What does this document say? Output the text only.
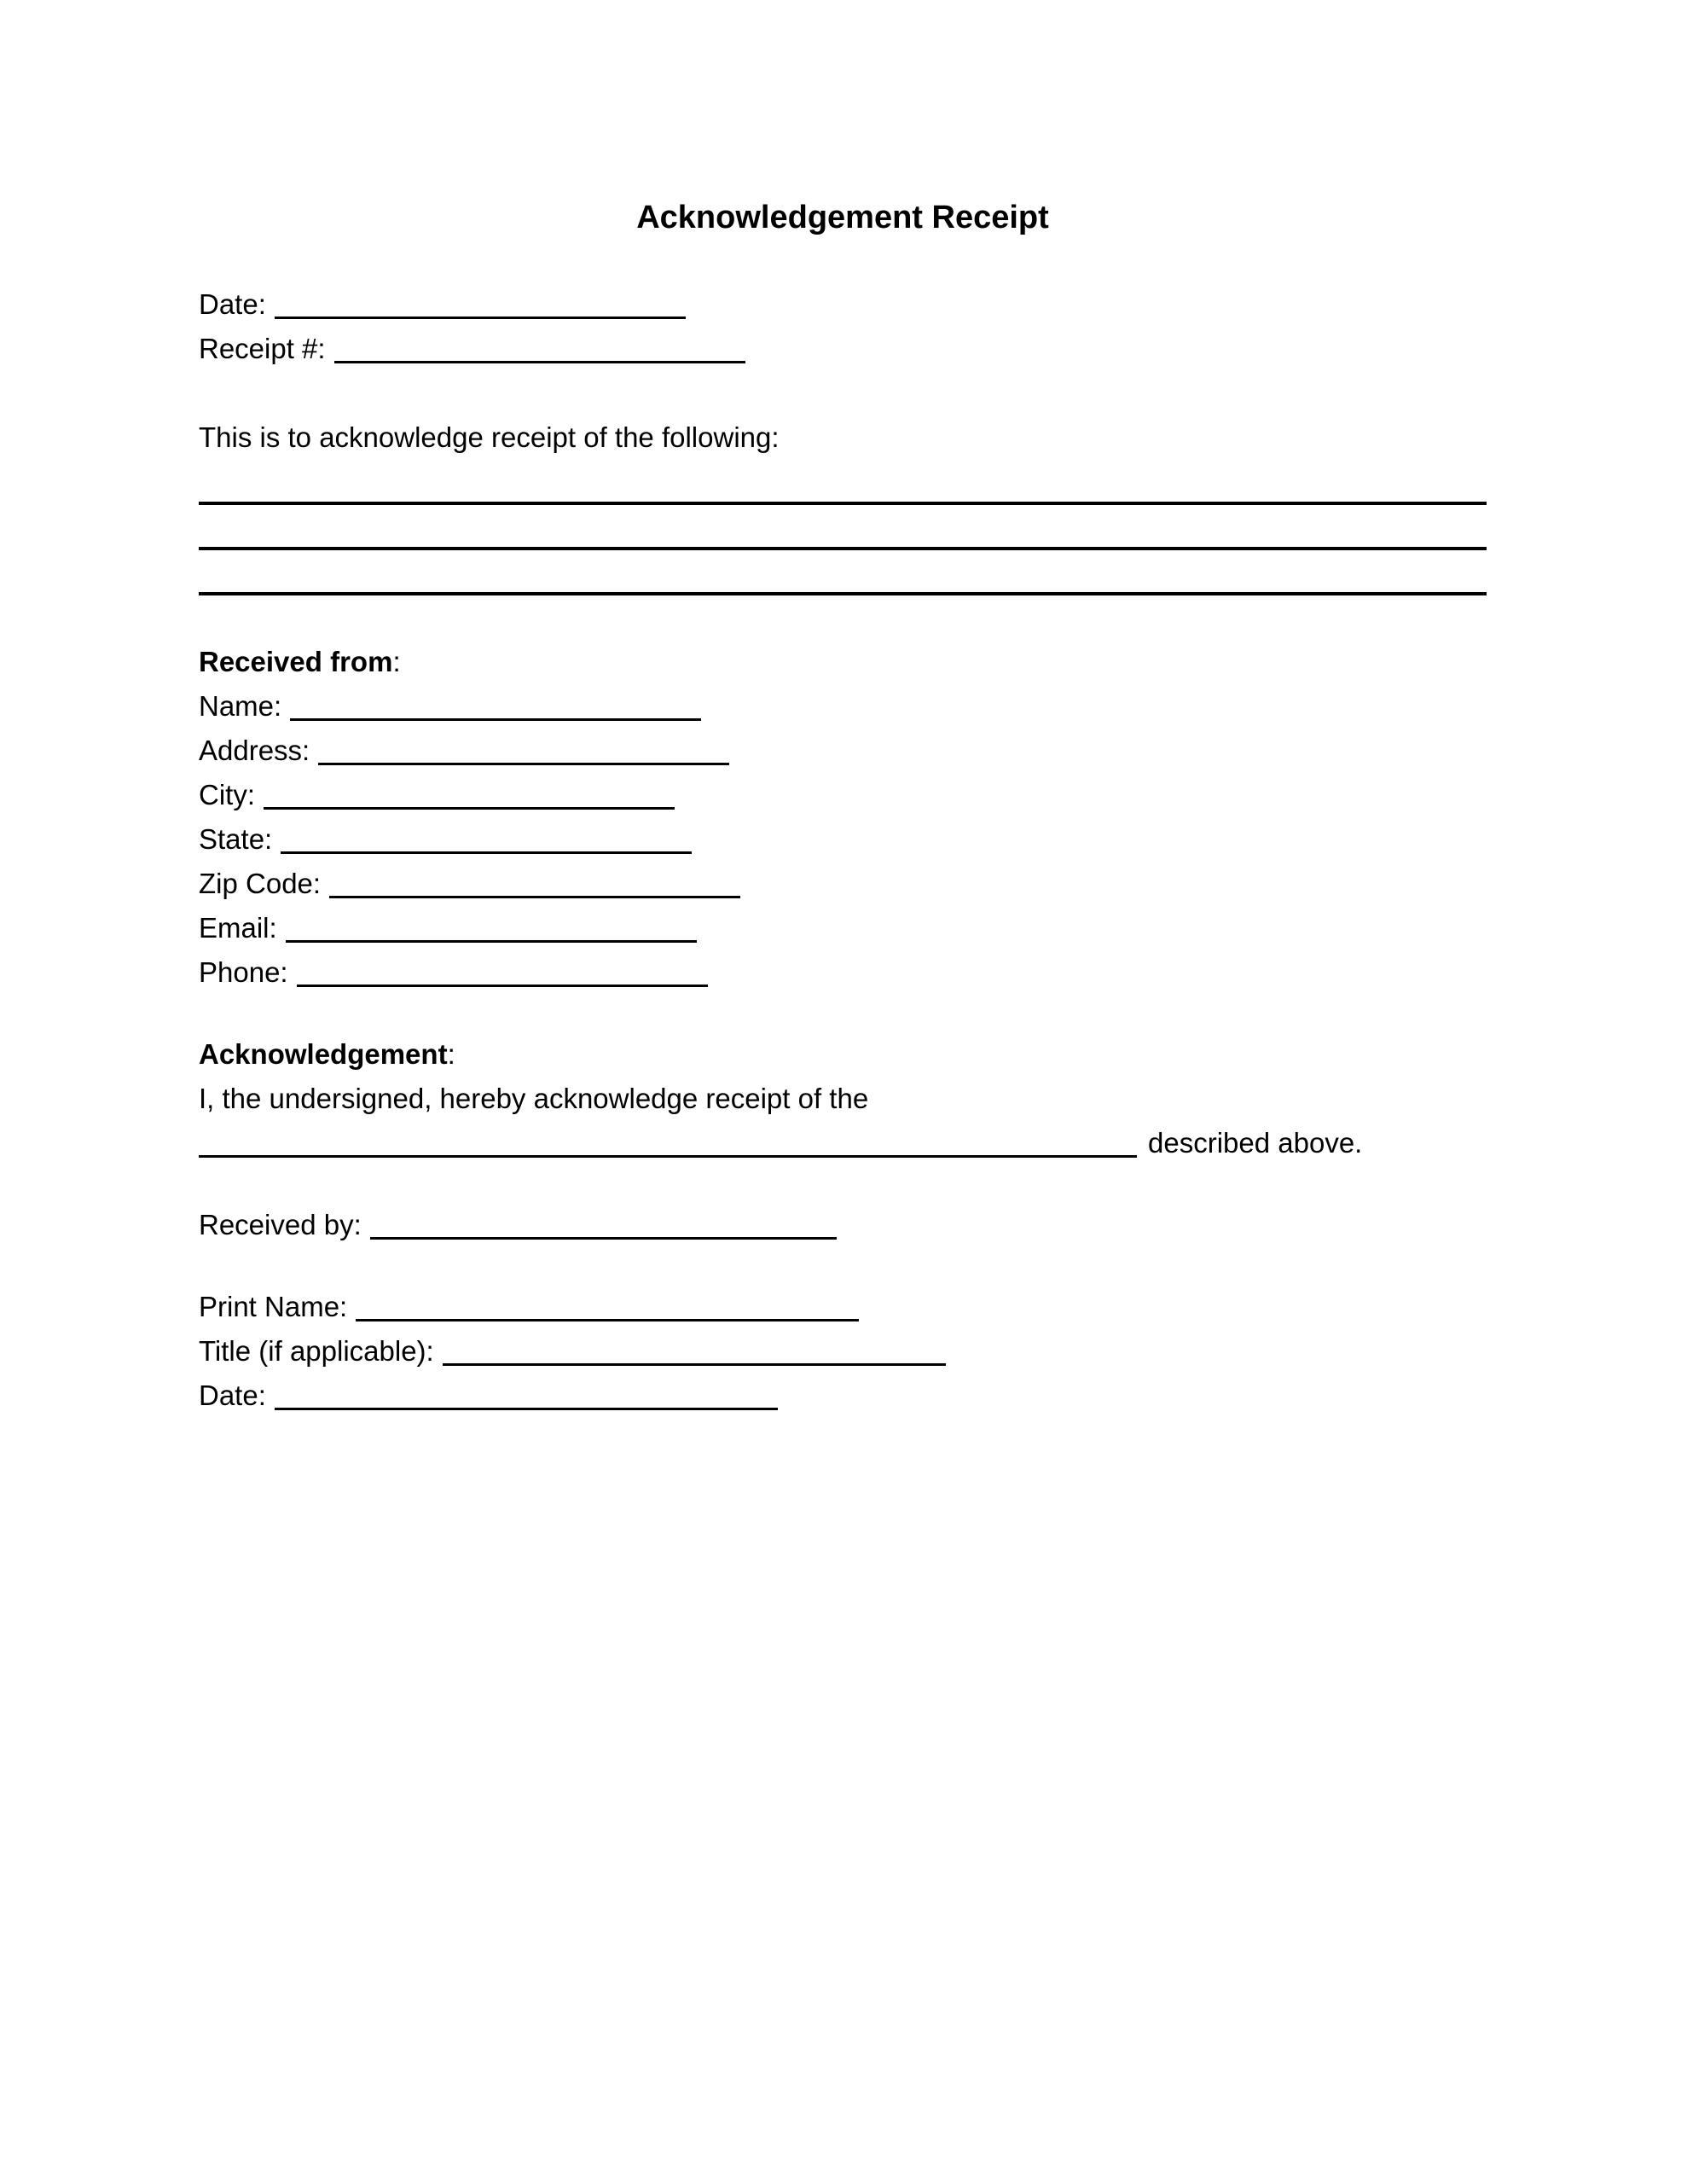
Acknowledgement Receipt
Date:
Receipt #:
This is to acknowledge receipt of the following:
Received from:
Name:
Address:
City:
State:
Zip Code:
Email:
Phone:
Acknowledgement:
I, the undersigned, hereby acknowledge receipt of the
described above.
Received by:
Print Name:
Title (if applicable):
Date:
